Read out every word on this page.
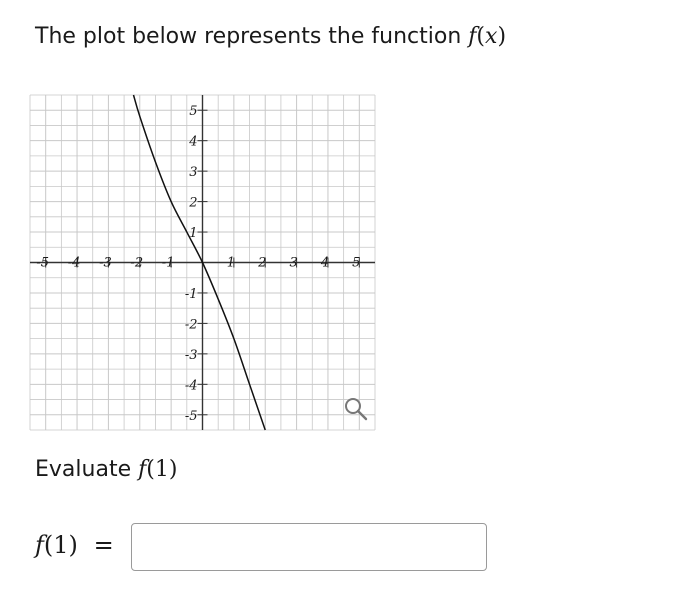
The plot below represents the function f(x)
-5 -4 -3 -2 -1	1 2 3 4 5
5
4
3
2
1
-1
-2
-3
-4
-5
Evaluate f(1)
f(1) =
